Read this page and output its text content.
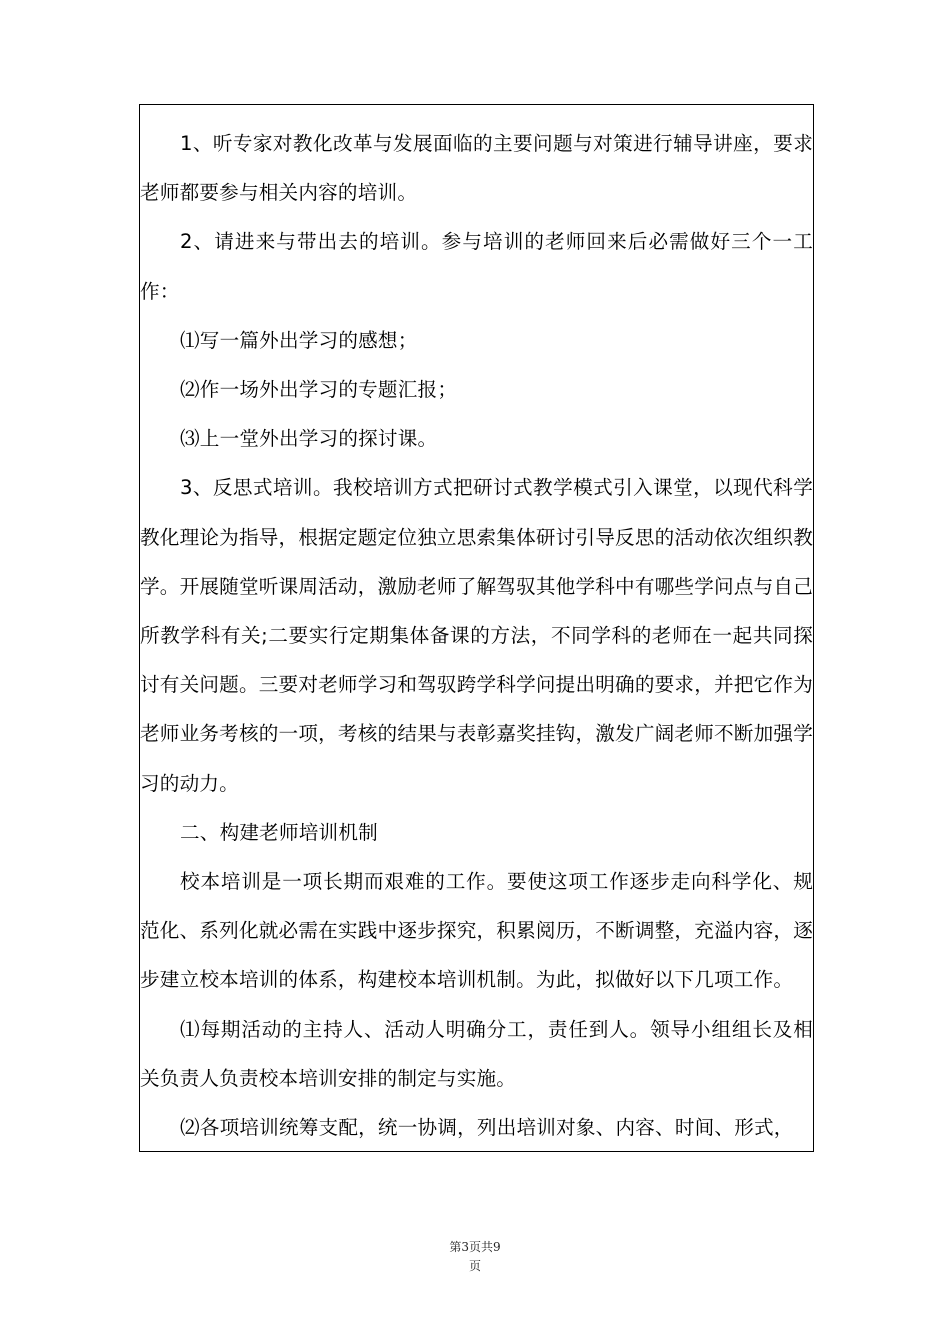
1、听专家对教化改革与发展面临的主要问题与对策进行辅导讲座，要求老师都要参与相关内容的培训。

2、请进来与带出去的培训。参与培训的老师回来后必需做好三个一工作：

⑴写一篇外出学习的感想；

⑵作一场外出学习的专题汇报；

⑶上一堂外出学习的探讨课。

3、反思式培训。我校培训方式把研讨式教学模式引入课堂，以现代科学教化理论为指导，根据定题定位独立思索集体研讨引导反思的活动依次组织教学。开展随堂听课周活动，激励老师了解驾驭其他学科中有哪些学问点与自己所教学科有关;二要实行定期集体备课的方法，不同学科的老师在一起共同探讨有关问题。三要对老师学习和驾驭跨学科学问提出明确的要求，并把它作为老师业务考核的一项，考核的结果与表彰嘉奖挂钩，激发广阔老师不断加强学习的动力。

二、构建老师培训机制

校本培训是一项长期而艰难的工作。要使这项工作逐步走向科学化、规范化、系列化就必需在实践中逐步探究，积累阅历，不断调整，充溢内容，逐步建立校本培训的体系，构建校本培训机制。为此，拟做好以下几项工作。

⑴每期活动的主持人、活动人明确分工，责任到人。领导小组组长及相关负责人负责校本培训安排的制定与实施。

⑵各项培训统筹支配，统一协调，列出培训对象、内容、时间、形式，

第3页共9
页
